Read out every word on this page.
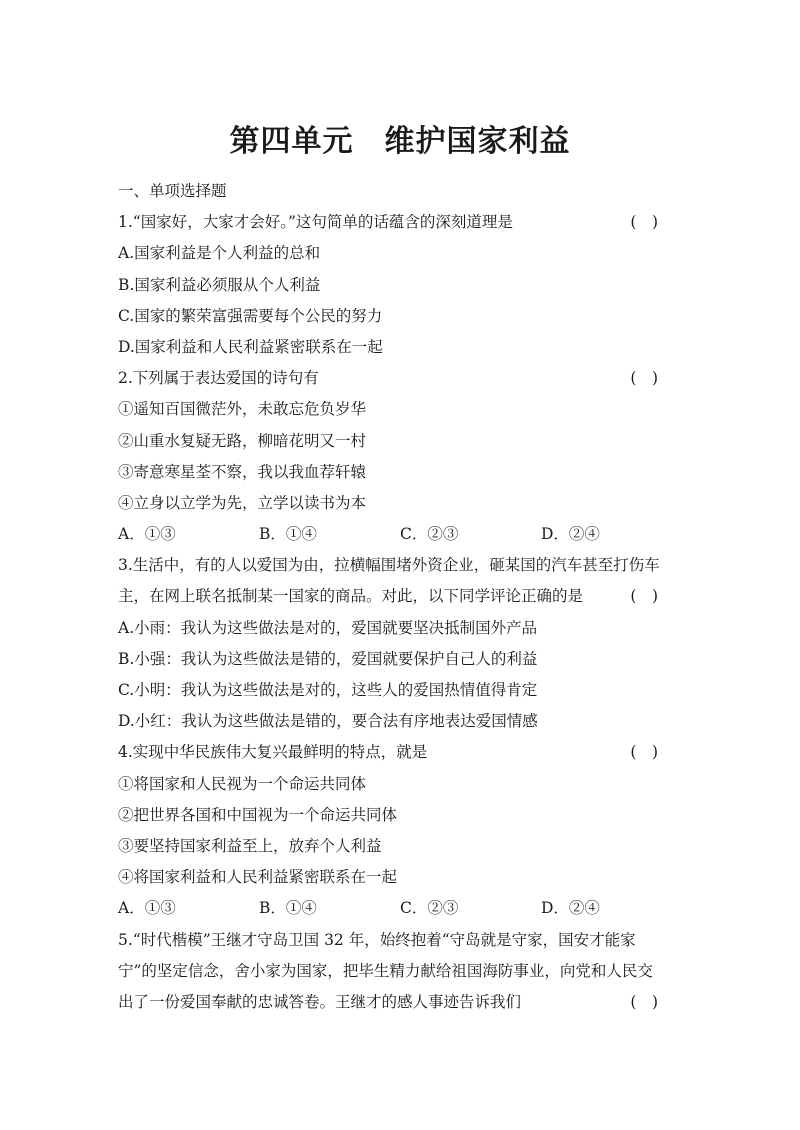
第四单元　维护国家利益
一、单项选择题
1.“国家好，大家才会好。”这句简单的话蕴含的深刻道理是	(　)
A.国家利益是个人利益的总和
B.国家利益必须服从个人利益
C.国家的繁荣富强需要每个公民的努力
D.国家利益和人民利益紧密联系在一起
2.下列属于表达爱国的诗句有	(　)
①遥知百国微茫外，未敢忘危负岁华
②山重水复疑无路，柳暗花明又一村
③寄意寒星荃不察，我以我血荐轩辕
④立身以立学为先，立学以读书为本
A．①③	B．①④	C．②③	D．②④
3.生活中，有的人以爱国为由，拉横幅围堵外资企业，砸某国的汽车甚至打伤车
主，在网上联名抵制某一国家的商品。对此，以下同学评论正确的是	(　)
A.小雨：我认为这些做法是对的，爱国就要坚决抵制国外产品
B.小强：我认为这些做法是错的，爱国就要保护自己人的利益
C.小明：我认为这些做法是对的，这些人的爱国热情值得肯定
D.小红：我认为这些做法是错的，要合法有序地表达爱国情感
4.实现中华民族伟大复兴最鲜明的特点，就是	(　)
①将国家和人民视为一个命运共同体
②把世界各国和中国视为一个命运共同体
③要坚持国家利益至上，放弃个人利益
④将国家利益和人民利益紧密联系在一起
A．①③	B．①④	C．②③	D．②④
5.“时代楷模”王继才守岛卫国 32 年，始终抱着“守岛就是守家，国安才能家
宁”的坚定信念，舍小家为国家，把毕生精力献给祖国海防事业，向党和人民交
出了一份爱国奉献的忠诚答卷。王继才的感人事迹告诉我们	(　)
